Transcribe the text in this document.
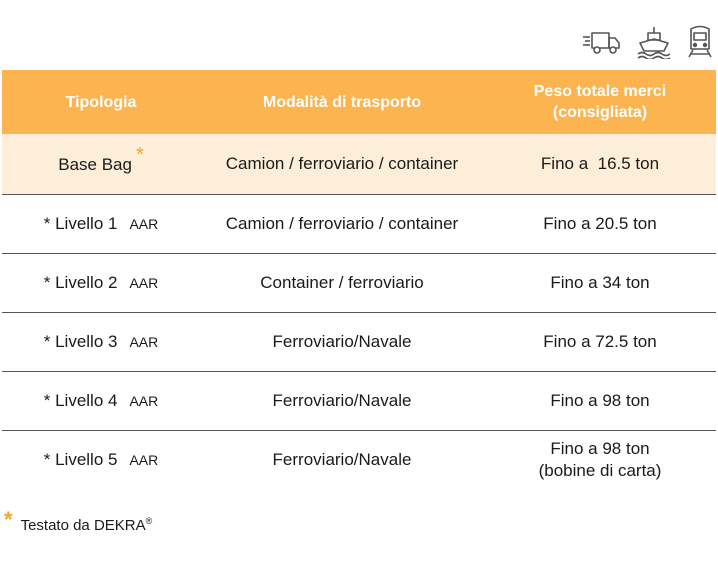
Tipologia	Modalità di trasporto	Peso totale merci
(consigliata)
Base Bag *	Camion / ferroviario / container	Fino a  16.5 ton
* Livello 1 AAR	Camion / ferroviario / container	Fino a 20.5 ton
* Livello 2 AAR	Container / ferroviario	Fino a 34 ton
* Livello 3 AAR	Ferroviario/Navale	Fino a 72.5 ton
* Livello 4 AAR	Ferroviario/Navale	Fino a 98 ton
* Livello 5 AAR	Ferroviario/Navale	Fino a 98 ton
(bobine di carta)
* Testato da DEKRA®
